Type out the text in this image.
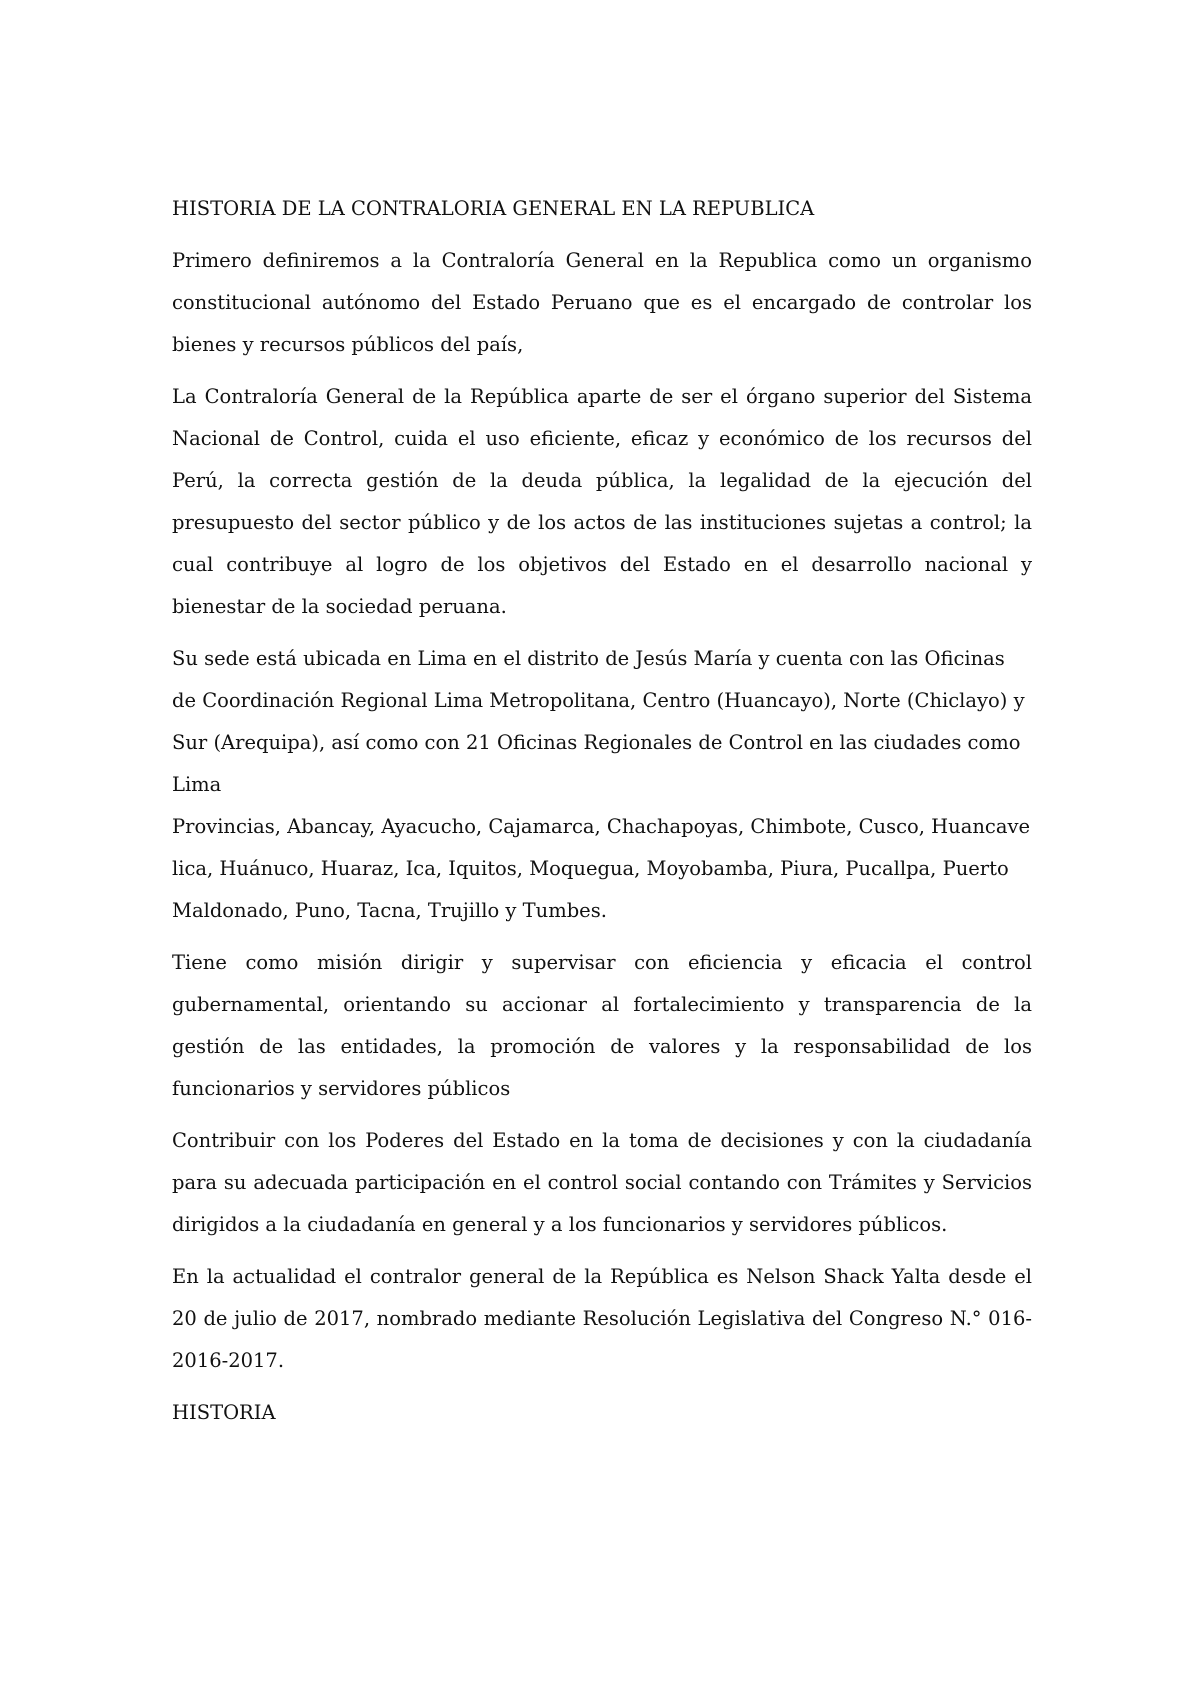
HISTORIA DE LA CONTRALORIA GENERAL EN LA REPUBLICA

Primero definiremos a la Contraloría General en la Republica como un organismo constitucional autónomo del Estado Peruano que es el encargado de controlar los bienes y recursos públicos del país,

La Contraloría General de la República aparte de ser el órgano superior del Sistema Nacional de Control, cuida el uso eficiente, eficaz y económico de los recursos del Perú, la correcta gestión de la deuda pública, la legalidad de la ejecución del presupuesto del sector público y de los actos de las instituciones sujetas a control; la cual contribuye al logro de los objetivos del Estado en el desarrollo nacional y bienestar de la sociedad peruana.

Su sede está ubicada en Lima en el distrito de Jesús María y cuenta con las Oficinas de Coordinación Regional Lima Metropolitana, Centro (Huancayo), Norte (Chiclayo) y Sur (Arequipa), así como con 21 Oficinas Regionales de Control en las ciudades como Lima

Provincias, Abancay, Ayacucho, Cajamarca, Chachapoyas, Chimbote, Cusco, Huancavelica, Huánuco, Huaraz, Ica, Iquitos, Moquegua, Moyobamba, Piura, Pucallpa, Puerto Maldonado, Puno, Tacna, Trujillo y Tumbes.

Tiene como misión dirigir y supervisar con eficiencia y eficacia el control gubernamental, orientando su accionar al fortalecimiento y transparencia de la gestión de las entidades, la promoción de valores y la responsabilidad de los funcionarios y servidores públicos

Contribuir con los Poderes del Estado en la toma de decisiones y con la ciudadanía para su adecuada participación en el control social contando con Trámites y Servicios dirigidos a la ciudadanía en general y a los funcionarios y servidores públicos.

En la actualidad el contralor general de la República es Nelson Shack Yalta desde el 20 de julio de 2017, nombrado mediante Resolución Legislativa del Congreso N.° 016-2016-2017.

HISTORIA
